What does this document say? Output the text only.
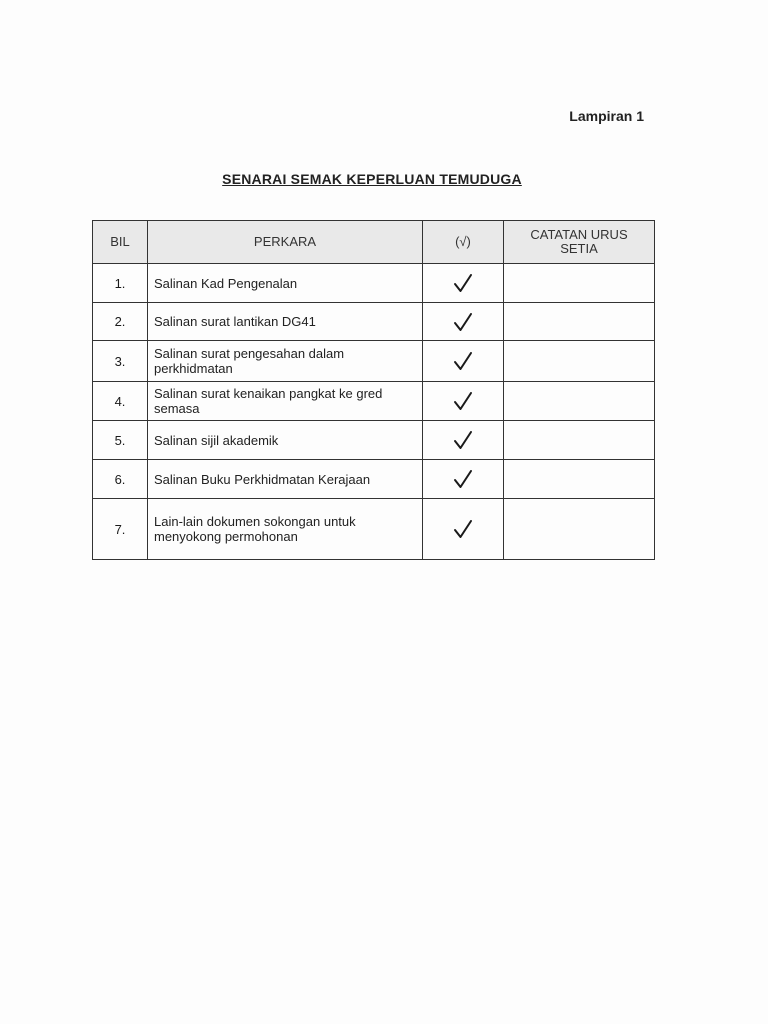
Lampiran 1
SENARAI SEMAK KEPERLUAN TEMUDUGA
BIL	PERKARA	(√)	CATATAN URUS SETIA
1.	Salinan Kad Pengenalan		
2.	Salinan surat lantikan DG41		
3.	Salinan surat pengesahan dalam perkhidmatan		
4.	Salinan surat kenaikan pangkat ke gred semasa		
5.	Salinan sijil akademik		
6.	Salinan Buku Perkhidmatan Kerajaan		
7.	Lain-lain dokumen sokongan untuk menyokong permohonan		
